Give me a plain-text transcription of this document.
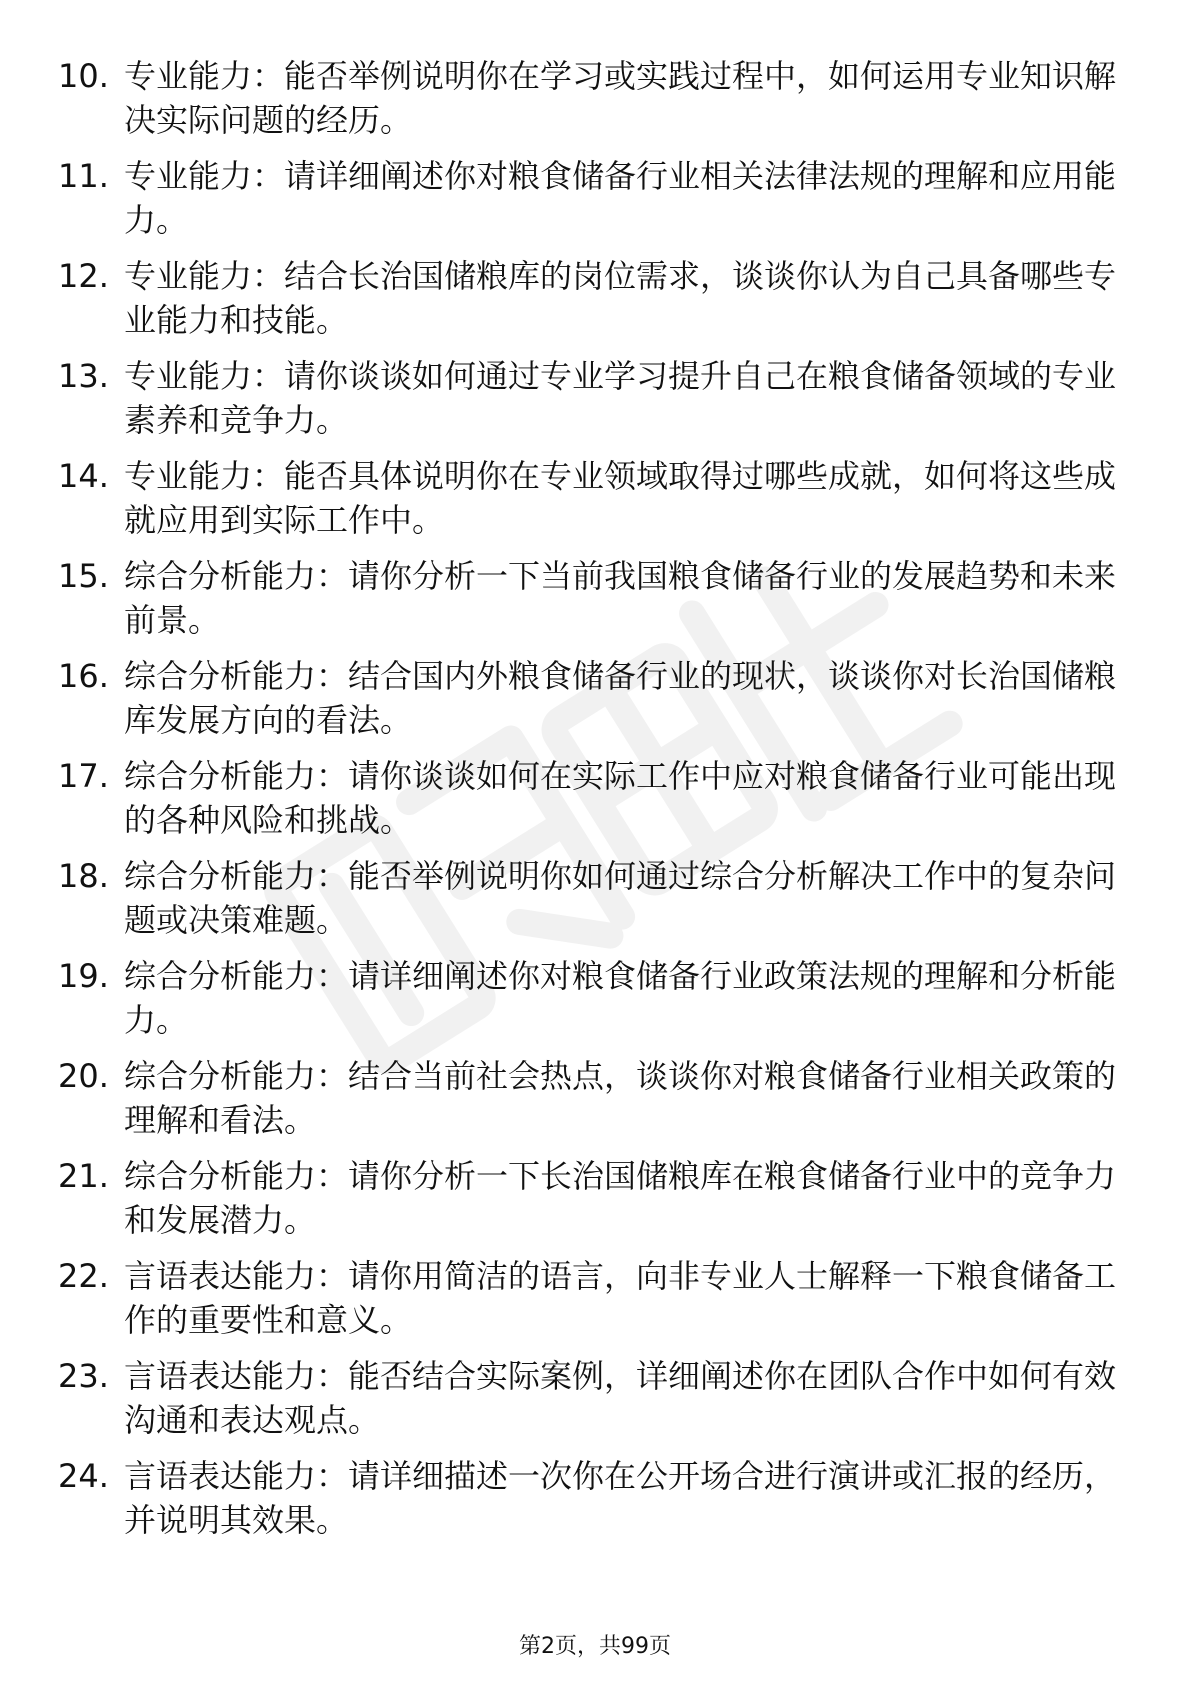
10. 专业能力：能否举例说明你在学习或实践过程中，如何运用专业知识解决实际问题的经历。
11. 专业能力：请详细阐述你对粮食储备行业相关法律法规的理解和应用能力。
12. 专业能力：结合长治国储粮库的岗位需求，谈谈你认为自己具备哪些专业能力和技能。
13. 专业能力：请你谈谈如何通过专业学习提升自己在粮食储备领域的专业素养和竞争力。
14. 专业能力：能否具体说明你在专业领域取得过哪些成就，如何将这些成就应用到实际工作中。
15. 综合分析能力：请你分析一下当前我国粮食储备行业的发展趋势和未来前景。
16. 综合分析能力：结合国内外粮食储备行业的现状，谈谈你对长治国储粮库发展方向的看法。
17. 综合分析能力：请你谈谈如何在实际工作中应对粮食储备行业可能出现的各种风险和挑战。
18. 综合分析能力：能否举例说明你如何通过综合分析解决工作中的复杂问题或决策难题。
19. 综合分析能力：请详细阐述你对粮食储备行业政策法规的理解和分析能力。
20. 综合分析能力：结合当前社会热点，谈谈你对粮食储备行业相关政策的理解和看法。
21. 综合分析能力：请你分析一下长治国储粮库在粮食储备行业中的竞争力和发展潜力。
22. 言语表达能力：请你用简洁的语言，向非专业人士解释一下粮食储备工作的重要性和意义。
23. 言语表达能力：能否结合实际案例，详细阐述你在团队合作中如何有效沟通和表达观点。
24. 言语表达能力：请详细描述一次你在公开场合进行演讲或汇报的经历，并说明其效果。
第2页，共99页
